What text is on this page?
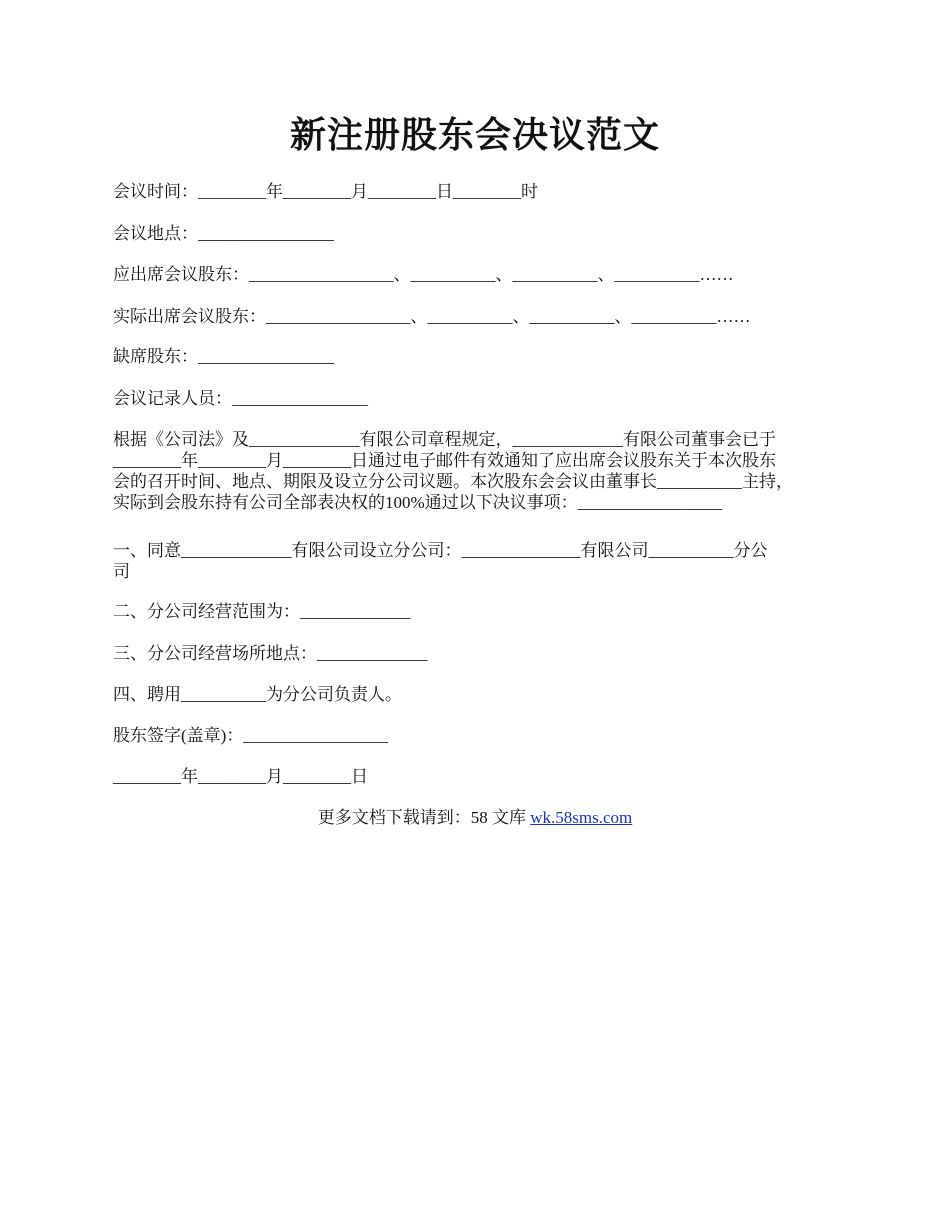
新注册股东会决议范文
会议时间：________年________月________日________时
会议地点：________________
应出席会议股东：_________________、__________、__________、__________……
实际出席会议股东：_________________、__________、__________、__________……
缺席股东：________________
会议记录人员：________________
根据《公司法》及_____________有限公司章程规定，_____________有限公司董事会已于
________年________月________日通过电子邮件有效通知了应出席会议股东关于本次股东
会的召开时间、地点、期限及设立分公司议题。本次股东会会议由董事长__________主持，
实际到会股东持有公司全部表决权的100%通过以下决议事项：_________________
一、同意_____________有限公司设立分公司：______________有限公司__________分公
司
二、分公司经营范围为：_____________
三、分公司经营场所地点：_____________
四、聘用__________为分公司负责人。
股东签字(盖章)：_________________
________年________月________日
更多文档下载请到：58 文库 wk.58sms.com
